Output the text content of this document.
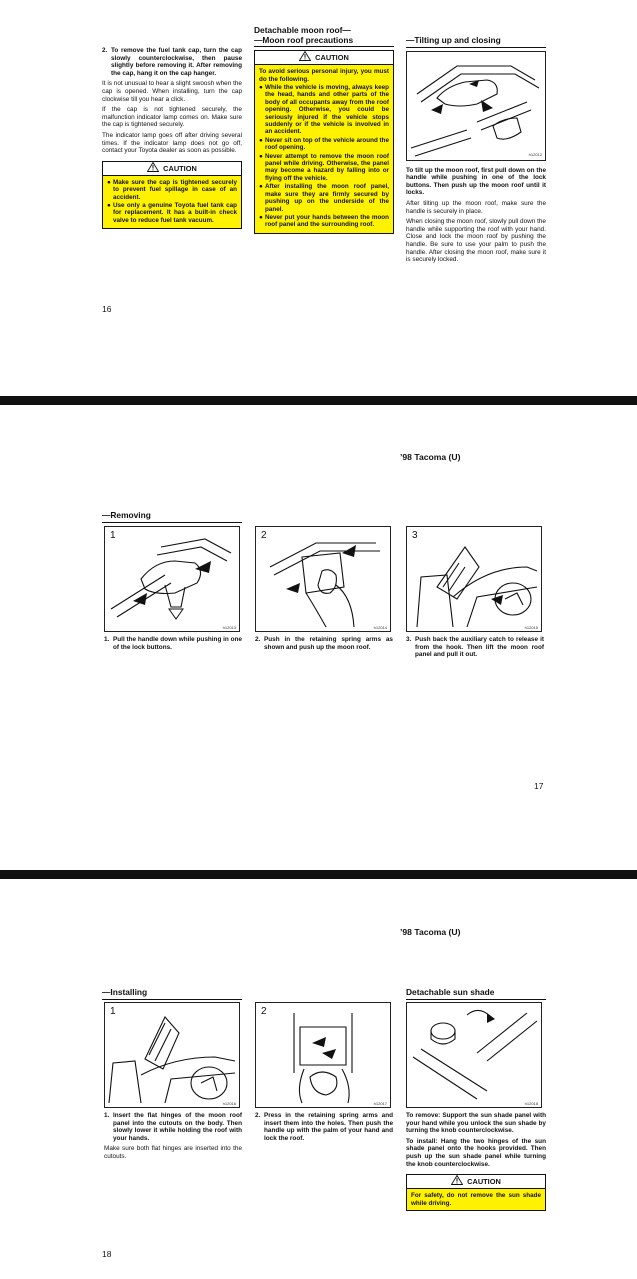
2. To remove the fuel tank cap, turn the cap slowly counterclockwise, then pause slightly before removing it. After removing the cap, hang it on the cap hanger.

It is not unusual to hear a slight swoosh when the cap is opened. When installing, turn the cap clockwise till you hear a click.

If the cap is not tightened securely, the malfunction indicator lamp comes on. Make sure the cap is tightened securely.

The indicator lamp goes off after driving several times. If the indicator lamp does not go off, contact your Toyota dealer as soon as possible.

CAUTION
● Make sure the cap is tightened securely to prevent fuel spillage in case of an accident.
● Use only a genuine Toyota fuel tank cap for replacement. It has a built-in check valve to reduce fuel tank vacuum.
Detachable moon roof—
—Moon roof precautions
CAUTION
To avoid serious personal injury, you must do the following.
● While the vehicle is moving, always keep the head, hands and other parts of the body of all occupants away from the roof opening. Otherwise, you could be seriously injured if the vehicle stops suddenly or if the vehicle is involved in an accident.
● Never sit on top of the vehicle around the roof opening.
● Never attempt to remove the moon roof panel while driving. Otherwise, the panel may become a hazard by falling into or flying off the vehicle.
● After installing the moon roof panel, make sure they are firmly secured by pushing up on the underside of the panel.
● Never put your hands between the moon roof panel and the surrounding roof.
—Tilting up and closing
h12012
To tilt up the moon roof, first pull down on the handle while pushing in one of the lock buttons. Then push up the moon roof until it locks.

After tilting up the moon roof, make sure the handle is securely in place.

When closing the moon roof, slowly pull down the handle while supporting the roof with your hand. Close and lock the moon roof by pushing the handle. Be sure to use your palm to push the handle. After closing the moon roof, make sure it is securely locked.

16
’98 Tacoma (U)
—Removing
1
h12013
2
h12014
3
h12015
1. Pull the handle down while pushing in one of the lock buttons.
2. Push in the retaining spring arms as shown and push up the moon roof.
3. Push back the auxiliary catch to release it from the hook. Then lift the moon roof panel and pull it out.
17
’98 Tacoma (U)
—Installing	Detachable sun shade
1
h12016
2
h12017	h12018
1. Insert the flat hinges of the moon roof panel into the cutouts on the body. Then slowly lower it while holding the roof with your hands.

Make sure both flat hinges are inserted into the cutouts.

2. Press in the retaining spring arms and insert them into the holes. Then push the handle up with the palm of your hand and lock the roof.
To remove: Support the sun shade panel with your hand while you unlock the sun shade by turning the knob counterclockwise.
To install: Hang the two hinges of the sun shade panel onto the hooks provided. Then push up the sun shade panel while turning the knob counterclockwise.
CAUTION
For safety, do not remove the sun shade while driving.
18
